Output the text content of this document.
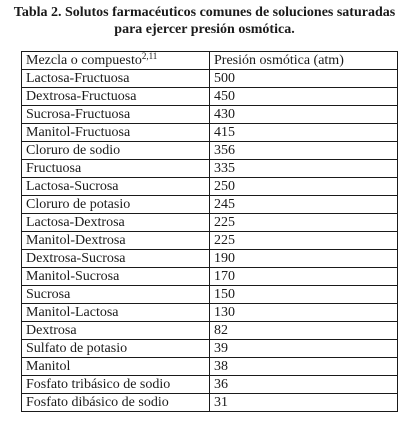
Tabla 2. Solutos farmacéuticos comunes de soluciones saturadas
para ejercer presión osmótica.
Mezcla o compuesto$^{2,11}$	Presión osmótica (atm)
Lactosa-Fructuosa	500
Dextrosa-Fructuosa	450
Sucrosa-Fructuosa	430
Manitol-Fructuosa	415
Cloruro de sodio	356
Fructuosa	335
Lactosa-Sucrosa	250
Cloruro de potasio	245
Lactosa-Dextrosa	225
Manitol-Dextrosa	225
Dextrosa-Sucrosa	190
Manitol-Sucrosa	170
Sucrosa	150
Manitol-Lactosa	130
Dextrosa	82
Sulfato de potasio	39
Manitol	38
Fosfato tribásico de sodio	36
Fosfato dibásico de sodio	31
